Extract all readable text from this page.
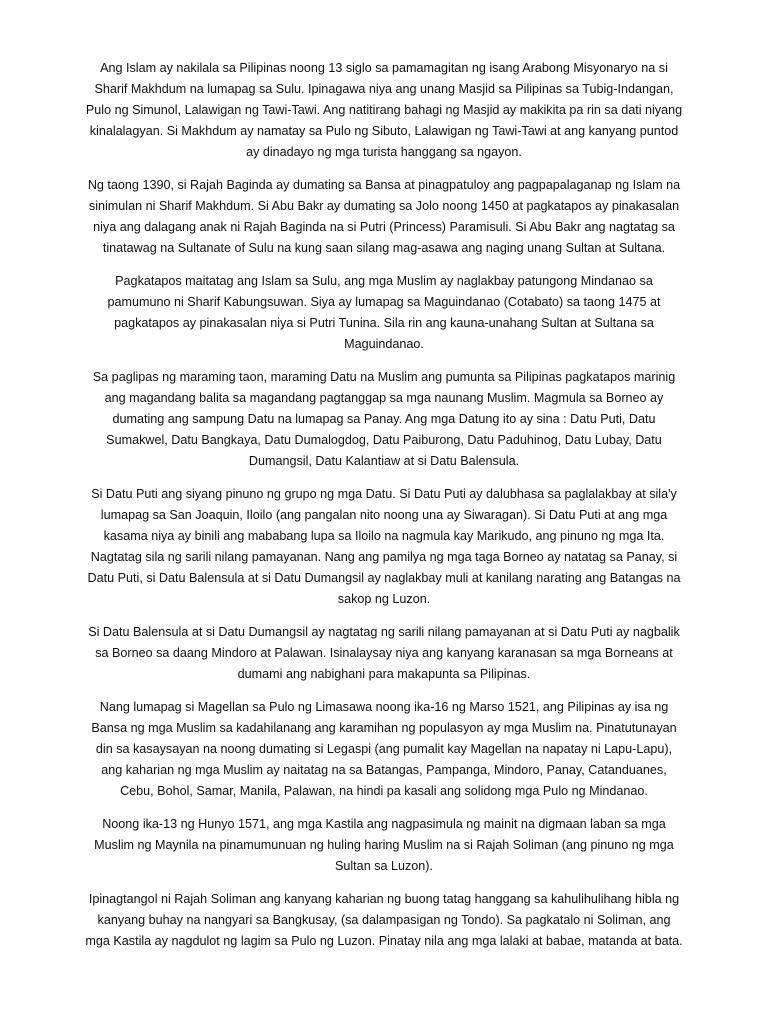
Ang Islam ay nakilala sa Pilipinas noong 13 siglo sa pamamagitan ng isang Arabong Misyonaryo na si Sharif Makhdum na lumapag sa Sulu. Ipinagawa niya ang unang Masjid sa Pilipinas sa Tubig-Indangan, Pulo ng Simunol, Lalawigan ng Tawi-Tawi. Ang natitirang bahagi ng Masjid ay makikita pa rin sa dati niyang kinalalagyan. Si Makhdum ay namatay sa Pulo ng Sibuto, Lalawigan ng Tawi-Tawi at ang kanyang puntod ay dinadayo ng mga turista hanggang sa ngayon.

Ng taong 1390, si Rajah Baginda ay dumating sa Bansa at pinagpatuloy ang pagpapalaganap ng Islam na sinimulan ni Sharif Makhdum. Si Abu Bakr ay dumating sa Jolo noong 1450 at pagkatapos ay pinakasalan niya ang dalagang anak ni Rajah Baginda na si Putri (Princess) Paramisuli. Si Abu Bakr ang nagtatag sa tinatawag na Sultanate of Sulu na kung saan silang mag-asawa ang naging unang Sultan at Sultana.

Pagkatapos maitatag ang Islam sa Sulu, ang mga Muslim ay naglakbay patungong Mindanao sa pamumuno ni Sharif Kabungsuwan. Siya ay lumapag sa Maguindanao (Cotabato) sa taong 1475 at pagkatapos ay pinakasalan niya si Putri Tunina. Sila rin ang kauna-unahang Sultan at Sultana sa Maguindanao.

Sa paglipas ng maraming taon, maraming Datu na Muslim ang pumunta sa Pilipinas pagkatapos marinig ang magandang balita sa magandang pagtanggap sa mga naunang Muslim. Magmula sa Borneo ay dumating ang sampung Datu na lumapag sa Panay. Ang mga Datung ito ay sina : Datu Puti, Datu Sumakwel, Datu Bangkaya, Datu Dumalogdog, Datu Paiburong, Datu Paduhinog, Datu Lubay, Datu Dumangsil, Datu Kalantiaw at si Datu Balensula.

Si Datu Puti ang siyang pinuno ng grupo ng mga Datu. Si Datu Puti ay dalubhasa sa paglalakbay at sila'y lumapag sa San Joaquin, Iloilo (ang pangalan nito noong una ay Siwaragan). Si Datu Puti at ang mga kasama niya ay binili ang mababang lupa sa Iloilo na nagmula kay Marikudo, ang pinuno ng mga Ita. Nagtatag sila ng sarili nilang pamayanan. Nang ang pamilya ng mga taga Borneo ay natatag sa Panay, si Datu Puti, si Datu Balensula at si Datu Dumangsil ay naglakbay muli at kanilang narating ang Batangas na sakop ng Luzon.

Si Datu Balensula at si Datu Dumangsil ay nagtatag ng sarili nilang pamayanan at si Datu Puti ay nagbalik sa Borneo sa daang Mindoro at Palawan. Isinalaysay niya ang kanyang karanasan sa mga Borneans at dumami ang nabighani para makapunta sa Pilipinas.

Nang lumapag si Magellan sa Pulo ng Limasawa noong ika-16 ng Marso 1521, ang Pilipinas ay isa ng Bansa ng mga Muslim sa kadahilanang ang karamihan ng populasyon ay mga Muslim na. Pinatutunayan din sa kasaysayan na noong dumating si Legaspi (ang pumalit kay Magellan na napatay ni Lapu-Lapu), ang kaharian ng mga Muslim ay naitatag na sa Batangas, Pampanga, Mindoro, Panay, Catanduanes, Cebu, Bohol, Samar, Manila, Palawan, na hindi pa kasali ang solidong mga Pulo ng Mindanao.

Noong ika-13 ng Hunyo 1571, ang mga Kastila ang nagpasimula ng mainit na digmaan laban sa mga Muslim ng Maynila na pinamumunuan ng huling haring Muslim na si Rajah Soliman (ang pinuno ng mga Sultan sa Luzon).

Ipinagtangol ni Rajah Soliman ang kanyang kaharian ng buong tatag hanggang sa kahulihulihang hibla ng kanyang buhay na nangyari sa Bangkusay, (sa dalampasigan ng Tondo). Sa pagkatalo ni Soliman, ang mga Kastila ay nagdulot ng lagim sa Pulo ng Luzon. Pinatay nila ang mga lalaki at babae, matanda at bata.
